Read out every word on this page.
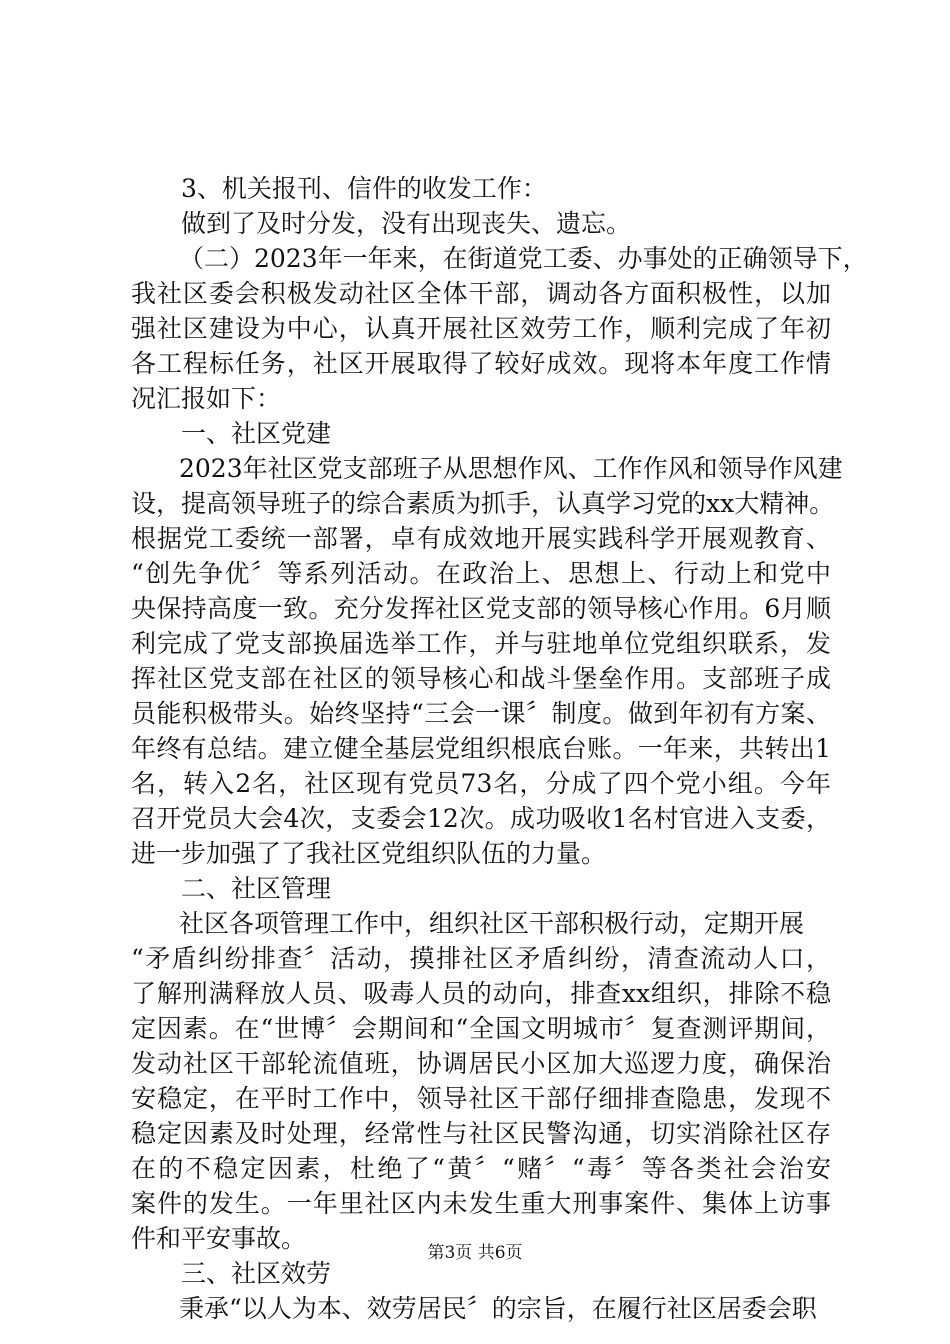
3、机关报刊、信件的收发工作：
做到了及时分发，没有出现丧失、遗忘。
（二）2023年一年来，在街道党工委、办事处的正确领导下，
我社区委会积极发动社区全体干部，调动各方面积极性，以加
强社区建设为中心，认真开展社区效劳工作，顺利完成了年初
各工程标任务，社区开展取得了较好成效。现将本年度工作情
况汇报如下：
一、社区党建
2023年社区党支部班子从思想作风、工作作风和领导作风建
设，提高领导班子的综合素质为抓手，认真学习党的xx大精神。
根据党工委统一部署，卓有成效地开展实践科学开展观教育、
“创先争优〞等系列活动。在政治上、思想上、行动上和党中
央保持高度一致。充分发挥社区党支部的领导核心作用。6月顺
利完成了党支部换届选举工作，并与驻地单位党组织联系，发
挥社区党支部在社区的领导核心和战斗堡垒作用。支部班子成
员能积极带头。始终坚持“三会一课〞制度。做到年初有方案、
年终有总结。建立健全基层党组织根底台账。一年来，共转出1
名，转入2名，社区现有党员73名，分成了四个党小组。今年
召开党员大会4次，支委会12次。成功吸收1名村官进入支委，
进一步加强了了我社区党组织队伍的力量。
二、社区管理
社区各项管理工作中，组织社区干部积极行动，定期开展
“矛盾纠纷排查〞活动，摸排社区矛盾纠纷，清查流动人口，
了解刑满释放人员、吸毒人员的动向，排查xx组织，排除不稳
定因素。在“世博〞会期间和“全国文明城市〞复查测评期间，
发动社区干部轮流值班，协调居民小区加大巡逻力度，确保治
安稳定，在平时工作中，领导社区干部仔细排查隐患，发现不
稳定因素及时处理，经常性与社区民警沟通，切实消除社区存
在的不稳定因素，杜绝了“黄〞“赌〞“毒〞等各类社会治安
案件的发生。一年里社区内未发生重大刑事案件、集体上访事
件和平安事故。
三、社区效劳
秉承“以人为本、效劳居民〞的宗旨，在履行社区居委会职
第3页 共6页
